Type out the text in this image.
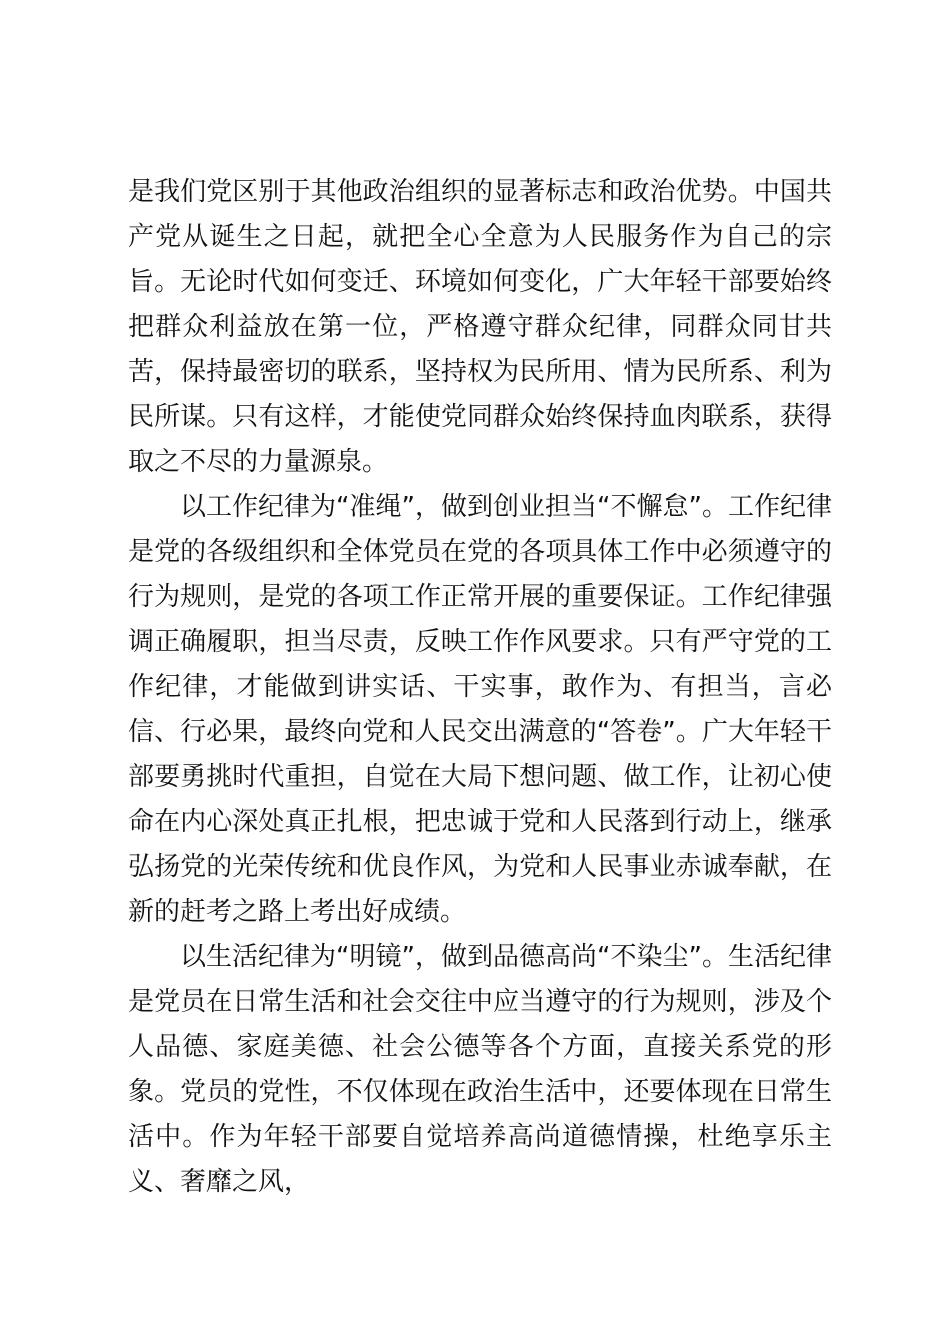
是我们党区别于其他政治组织的显著标志和政治优势。中国共产党从诞生之日起，就把全心全意为人民服务作为自己的宗旨。无论时代如何变迁、环境如何变化，广大年轻干部要始终把群众利益放在第一位，严格遵守群众纪律，同群众同甘共苦，保持最密切的联系，坚持权为民所用、情为民所系、利为民所谋。只有这样，才能使党同群众始终保持血肉联系，获得取之不尽的力量源泉。

以工作纪律为“准绳”，做到创业担当“不懈怠”。工作纪律是党的各级组织和全体党员在党的各项具体工作中必须遵守的行为规则，是党的各项工作正常开展的重要保证。工作纪律强调正确履职，担当尽责，反映工作作风要求。只有严守党的工作纪律，才能做到讲实话、干实事，敢作为、有担当，言必信、行必果，最终向党和人民交出满意的“答卷”。广大年轻干部要勇挑时代重担，自觉在大局下想问题、做工作，让初心使命在内心深处真正扎根，把忠诚于党和人民落到行动上，继承弘扬党的光荣传统和优良作风，为党和人民事业赤诚奉献，在新的赶考之路上考出好成绩。

以生活纪律为“明镜”，做到品德高尚“不染尘”。生活纪律是党员在日常生活和社会交往中应当遵守的行为规则，涉及个人品德、家庭美德、社会公德等各个方面，直接关系党的形象。党员的党性，不仅体现在政治生活中，还要体现在日常生活中。作为年轻干部要自觉培养高尚道德情操，杜绝享乐主义、奢靡之风，
